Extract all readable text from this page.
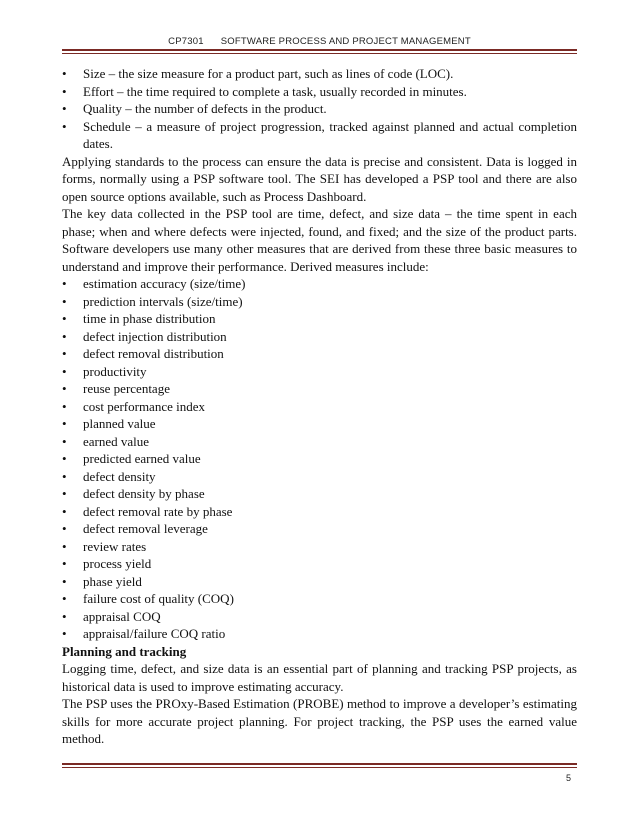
CP7301 SOFTWARE PROCESS AND PROJECT MANAGEMENT
• Size – the size measure for a product part, such as lines of code (LOC).
• Effort – the time required to complete a task, usually recorded in minutes.
• Quality – the number of defects in the product.
• Schedule – a measure of project progression, tracked against planned and actual completion dates.

Applying standards to the process can ensure the data is precise and consistent. Data is logged in forms, normally using a PSP software tool. The SEI has developed a PSP tool and there are also open source options available, such as Process Dashboard.

The key data collected in the PSP tool are time, defect, and size data – the time spent in each phase; when and where defects were injected, found, and fixed; and the size of the product parts. Software developers use many other measures that are derived from these three basic measures to understand and improve their performance. Derived measures include:

• estimation accuracy (size/time)
• prediction intervals (size/time)
• time in phase distribution
• defect injection distribution
• defect removal distribution
• productivity
• reuse percentage
• cost performance index
• planned value
• earned value
• predicted earned value
• defect density
• defect density by phase
• defect removal rate by phase
• defect removal leverage
• review rates
• process yield
• phase yield
• failure cost of quality (COQ)
• appraisal COQ
• appraisal/failure COQ ratio

Planning and tracking

Logging time, defect, and size data is an essential part of planning and tracking PSP projects, as historical data is used to improve estimating accuracy.

The PSP uses the PROxy-Based Estimation (PROBE) method to improve a developer’s estimating skills for more accurate project planning. For project tracking, the PSP uses the earned value method.

5
